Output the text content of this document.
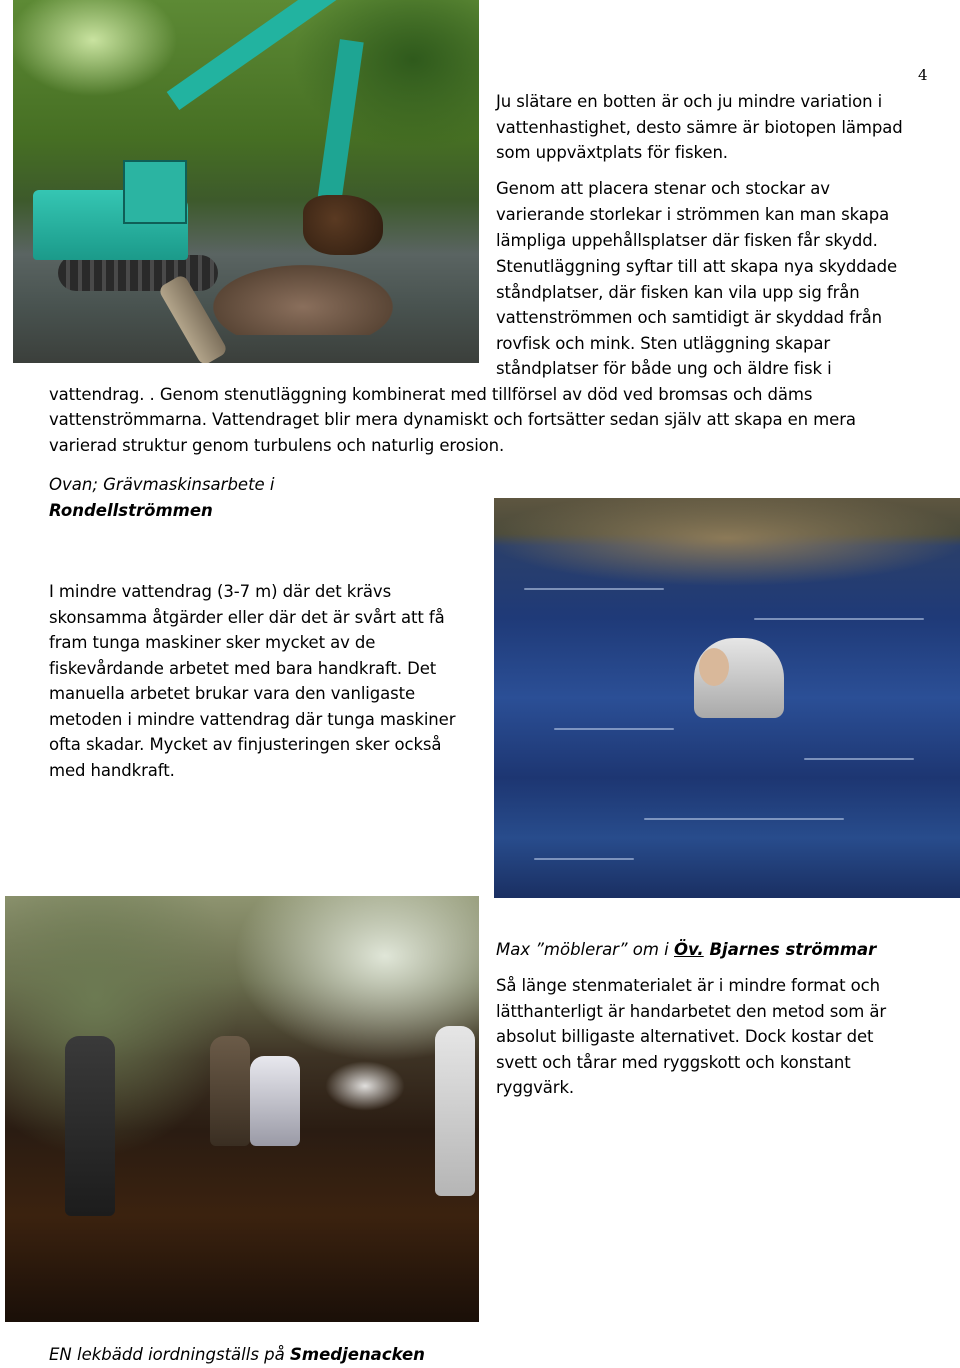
4

Ju slätare en botten är och ju mindre variation i vattenhastighet, desto sämre är biotopen lämpad som uppväxtplats för fisken.

Genom att placera stenar och stockar av

varierande storlekar i strömmen kan man skapa

lämpliga uppehållsplatser där fisken får skydd.

Stenutläggning syftar till att skapa nya skyddade

ståndplatser, där fisken kan vila upp sig från

vattenströmmen och samtidigt är skyddad från

rovfisk och mink. Sten utläggning skapar

ståndplatser för både ung och äldre fisk i

vattendrag. . Genom stenutläggning kombinerat med tillförsel av död ved bromsas och däms

vattenströmmarna. Vattendraget blir mera dynamiskt och fortsätter sedan själv att skapa en mera

varierad struktur genom turbulens och naturlig erosion.

Ovan; Grävmaskinsarbete i
Rondellströmmen

I mindre vattendrag (3-7 m) där det krävs

skonsamma åtgärder eller där det är svårt att få

fram tunga maskiner sker mycket av de

fiskevårdande arbetet med bara handkraft. Det

manuella arbetet brukar vara den vanligaste

metoden i mindre vattendrag där tunga maskiner

ofta skadar. Mycket av finjusteringen sker också

med handkraft.

Max ”möblerar” om i Öv. Bjarnes strömmar

Så länge stenmaterialet är i mindre format och

lätthanterligt är handarbetet den metod som är

absolut billigaste alternativet. Dock kostar det

svett och tårar med ryggskott och konstant

ryggvärk.

EN lekbädd iordningställs på Smedjenacken
